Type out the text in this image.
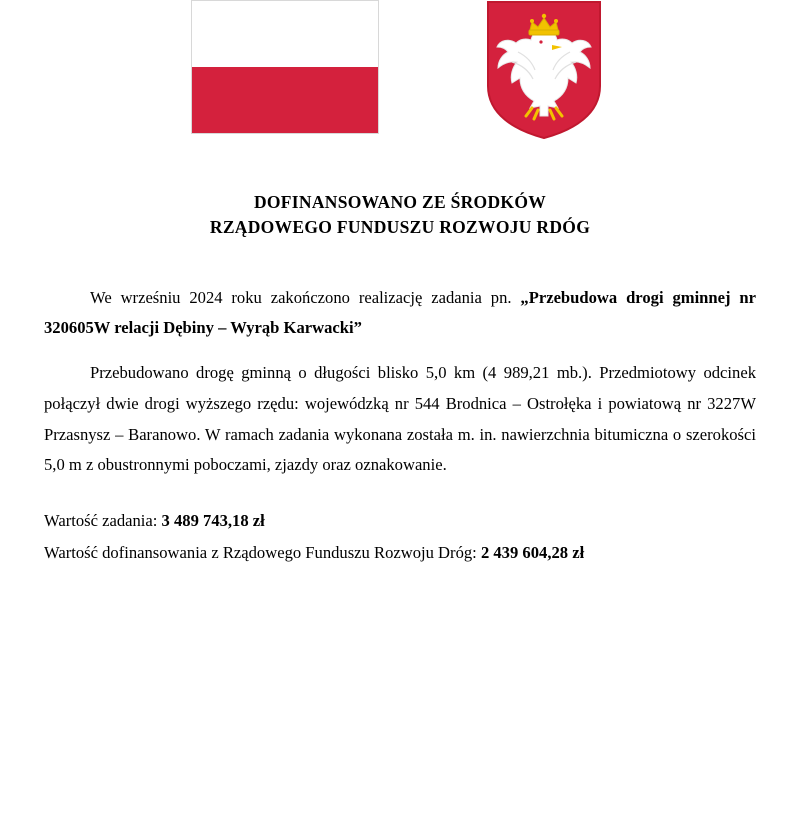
DOFINANSOWANO ZE ŚRODKÓW
RZĄDOWEGO FUNDUSZU ROZWOJU RDÓG

We wrześniu 2024 roku zakończono realizację zadania pn. „Przebudowa drogi gminnej nr 320605W relacji Dębiny – Wyrąb Karwacki”

Przebudowano drogę gminną o długości blisko 5,0 km (4 989,21 mb.). Przedmiotowy odcinek połączył dwie drogi wyższego rzędu: wojewódzką nr 544 Brodnica – Ostrołęka i powiatową nr 3227W Przasnysz – Baranowo. W ramach zadania wykonana została m. in. nawierzchnia bitumiczna o szerokości 5,0 m z obustronnymi poboczami, zjazdy oraz oznakowanie.

Wartość zadania: 3 489 743,18 zł

Wartość dofinansowania z Rządowego Funduszu Rozwoju Dróg: 2 439 604,28 zł
